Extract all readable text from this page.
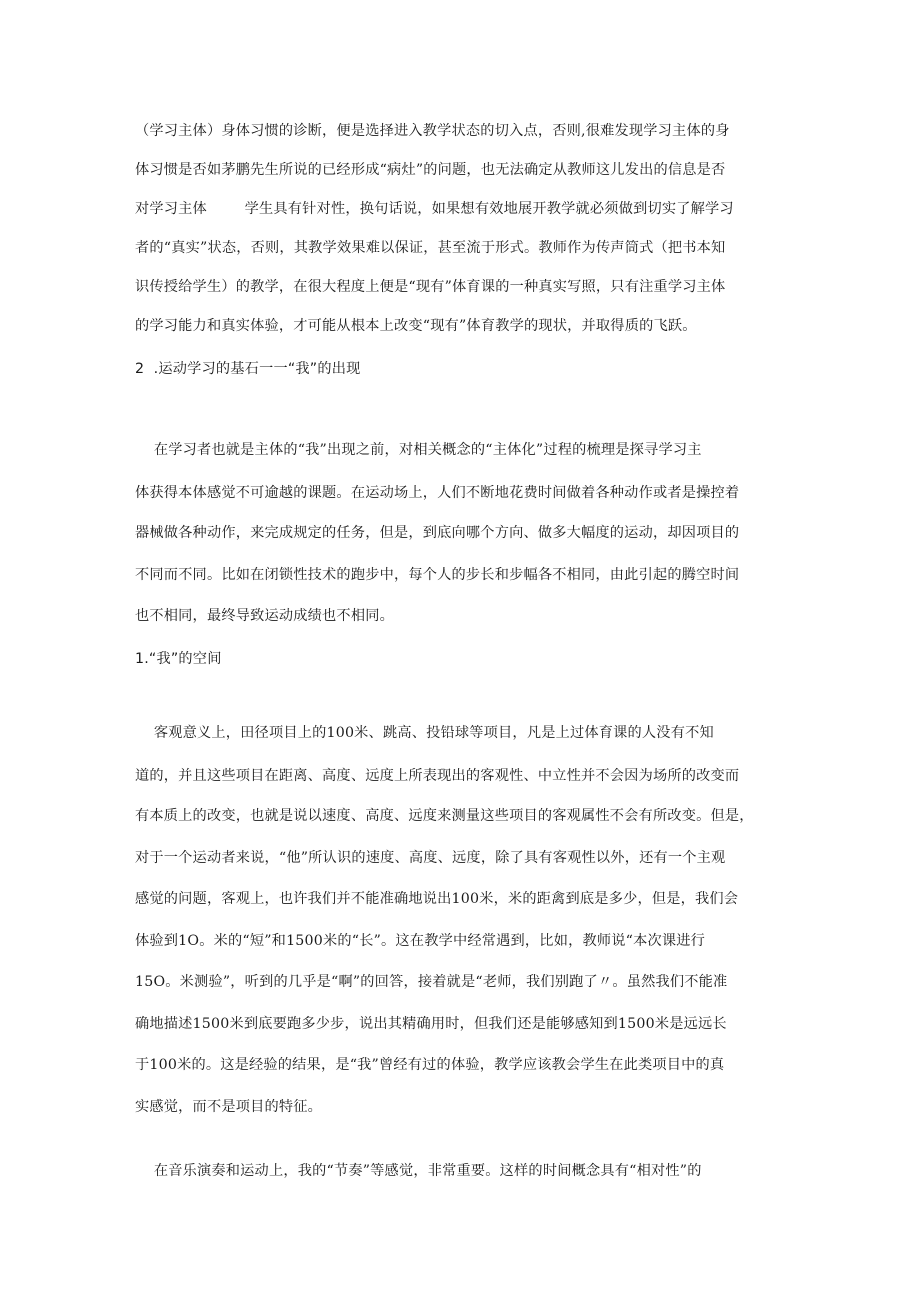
（学习主体）身体习惯的诊断，便是选择进入教学状态的切入点，否则,很难发现学习主体的身
体习惯是否如茅鹏先生所说的已经形成“病灶”的问题，也无法确定从教师这儿发出的信息是否
对学习主体        学生具有针对性，换句话说，如果想有效地展开教学就必须做到切实了解学习
者的“真实”状态，否则，其教学效果难以保证，甚至流于形式。教师作为传声筒式（把书本知
识传授给学生）的教学，在很大程度上便是“现有”体育课的一种真实写照，只有注重学习主体
的学习能力和真实体验，才可能从根本上改变“现有”体育教学的现状，并取得质的飞跃。
2  .运动学习的基石一一“我”的出现
在学习者也就是主体的“我”出现之前，对相关概念的“主体化”过程的梳理是探寻学习主
体获得本体感觉不可逾越的课题。在运动场上，人们不断地花费时间做着各种动作或者是操控着
器械做各种动作，来完成规定的任务，但是，到底向哪个方向、做多大幅度的运动，却因项目的
不同而不同。比如在闭锁性技术的跑步中，每个人的步长和步幅各不相同，由此引起的腾空时间
也不相同，最终导致运动成绩也不相同。
1.“我”的空间
客观意义上，田径项目上的100米、跳高、投铅球等项目，凡是上过体育课的人没有不知
道的，并且这些项目在距离、高度、远度上所表现出的客观性、中立性并不会因为场所的改变而
有本质上的改变，也就是说以速度、高度、远度来测量这些项目的客观属性不会有所改变。但是，
对于一个运动者来说，“他”所认识的速度、高度、远度，除了具有客观性以外，还有一个主观
感觉的问题，客观上，也许我们并不能准确地说出100米，米的距禽到底是多少，但是，我们会
体验到1O。米的“短”和1500米的“长”。这在教学中经常遇到，比如，教师说“本次课进行
15O。米测验”，听到的几乎是“啊”的回答，接着就是“老师，我们别跑了〃。虽然我们不能准
确地描述1500米到底要跑多少步，说出其精确用时，但我们还是能够感知到1500米是远远长
于100米的。这是经验的结果，是“我”曾经有过的体验，教学应该教会学生在此类项目中的真
实感觉，而不是项目的特征。
在音乐演奏和运动上，我的“节奏”等感觉，非常重要。这样的时间概念具有“相对性”的
